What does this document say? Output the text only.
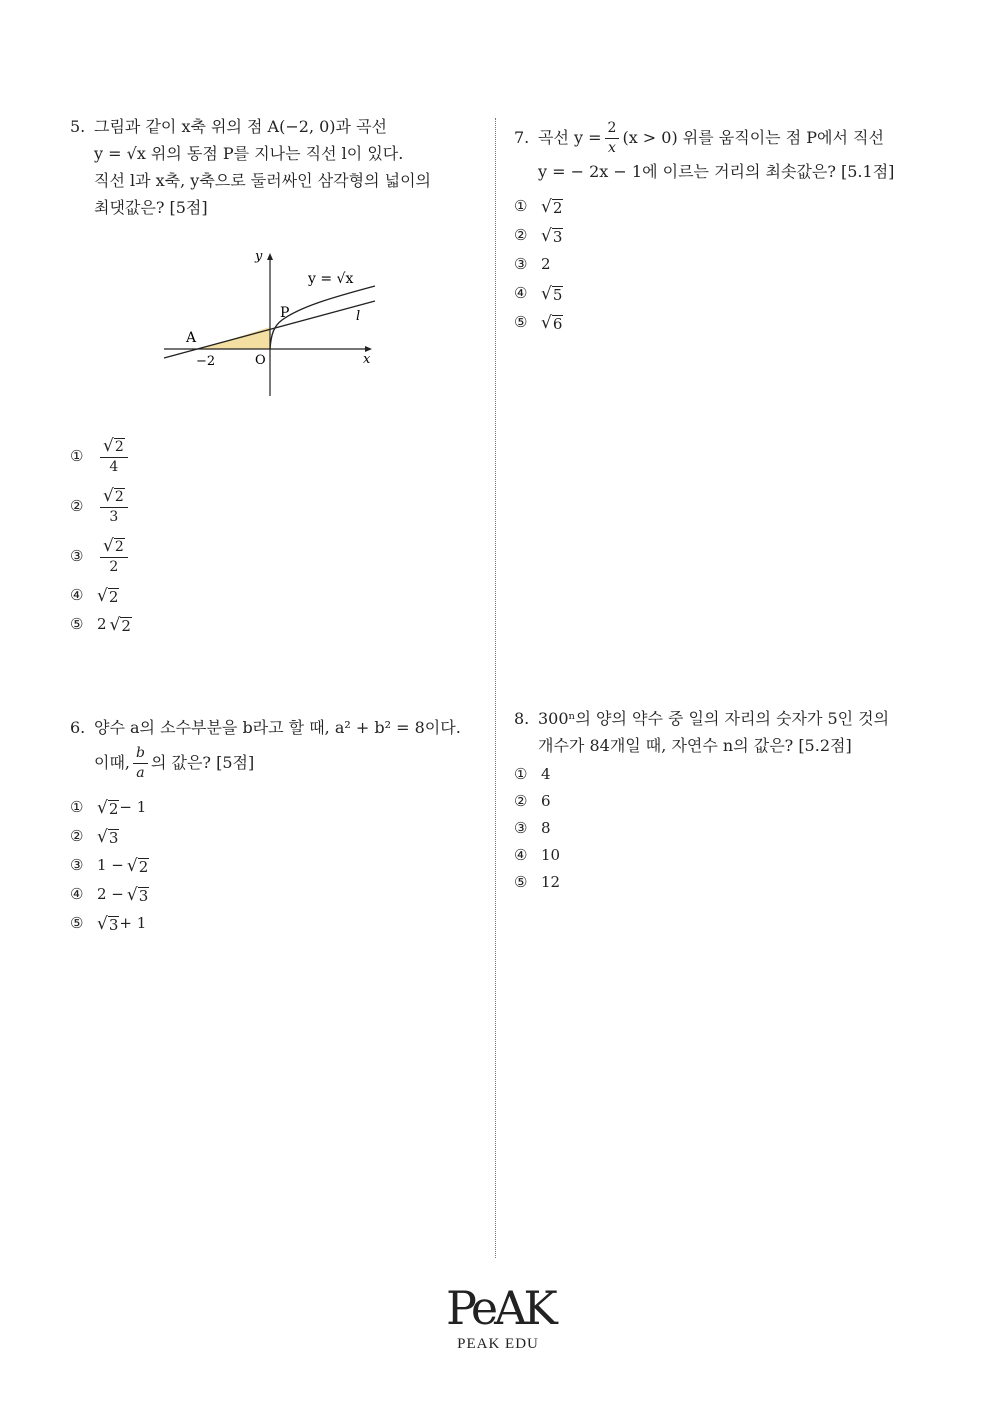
5. 그림과 같이 x축 위의 점 A(−2, 0)과 곡선
y = √x 위의 동점 P를 지나는 직선 l이 있다.
직선 l과 x축, y축으로 둘러싸인 삼각형의 넓이의
최댓값은? [5점]
y
x
y = √x
P	l
A
−2	O
① $\frac{√ 2}{4}$
② $\frac{√ 2}{3}$
③ $\frac{√ 2}{2}$
④ √ 2
⑤ 2 √ 2
6. 양수 a의 소수부분을 b라고 할 때, a² + b² = 8이다.
이때, $\frac{b}{a}$ 의 값은? [5점]
① √ 2 − 1
② √ 3
③ 1 − √ 2
④ 2 − √ 3
⑤ √ 3 + 1
7. 곡선 $y = \frac{2}{x} (x > 0)$ 위를 움직이는 점 P에서 직선
y = − 2x − 1에 이르는 거리의 최솟값은? [5.1점]
① √ 2
② √ 3
③ 2
④ √ 5
⑤ √ 6
8. 300ⁿ의 양의 약수 중 일의 자리의 숫자가 5인 것의
개수가 84개일 때, 자연수 n의 값은? [5.2점]
① 4
② 6
③ 8
④ 10
⑤ 12
PeAK
PEAK EDU
